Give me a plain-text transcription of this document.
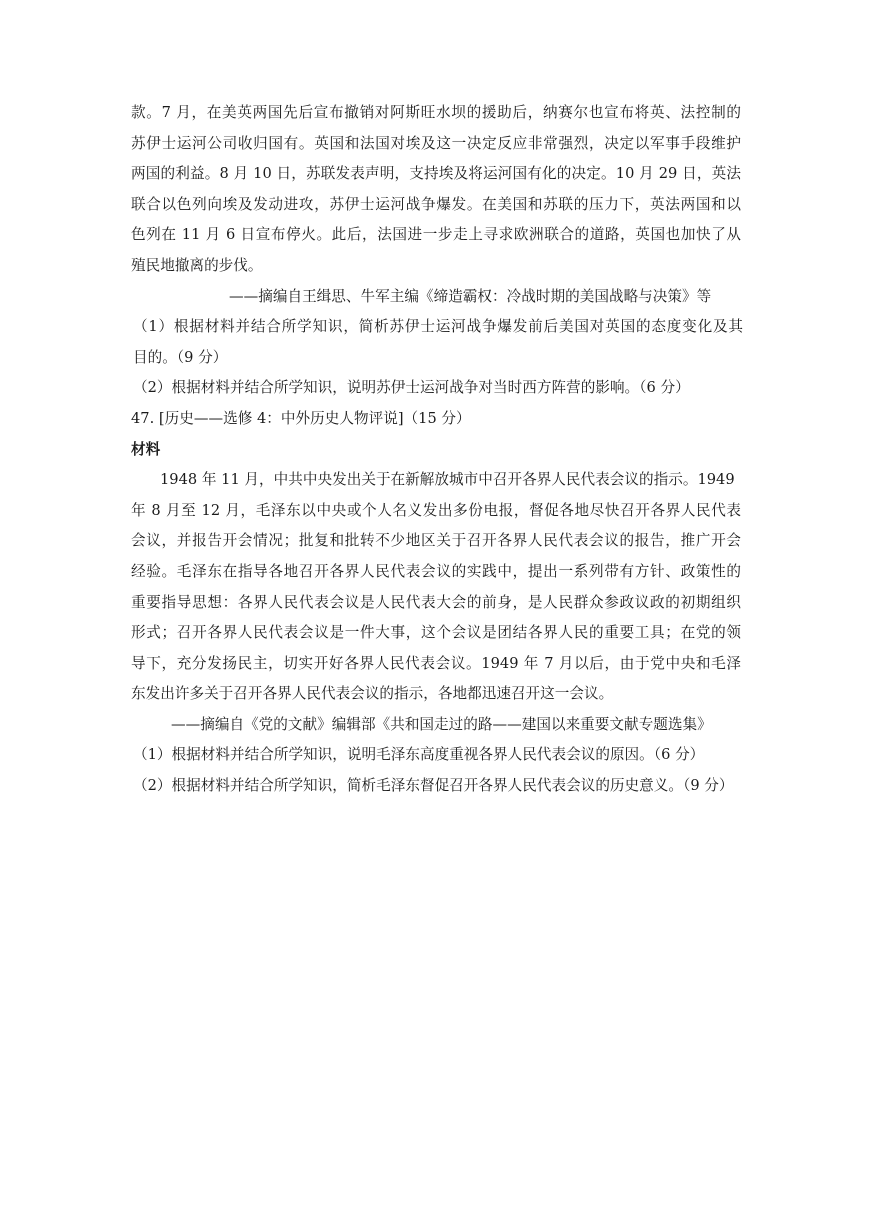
款。7 月，在美英两国先后宣布撤销对阿斯旺水坝的援助后，纳赛尔也宣布将英、法控制的
苏伊士运河公司收归国有。英国和法国对埃及这一决定反应非常强烈，决定以军事手段维护
两国的利益。8 月 10 日，苏联发表声明，支持埃及将运河国有化的决定。10 月 29 日，英法
联合以色列向埃及发动进攻，苏伊士运河战争爆发。在美国和苏联的压力下，英法两国和以
色列在 11 月 6 日宣布停火。此后，法国进一步走上寻求欧洲联合的道路，英国也加快了从
殖民地撤离的步伐。
——摘编自王缉思、牛军主编《缔造霸权：冷战时期的美国战略与决策》等
（1）根据材料并结合所学知识，简析苏伊士运河战争爆发前后美国对英国的态度变化及其
目的。（9 分）
（2）根据材料并结合所学知识，说明苏伊士运河战争对当时西方阵营的影响。（6 分）
47. [历史——选修 4：中外历史人物评说]（15 分）
材料
1948 年 11 月，中共中央发出关于在新解放城市中召开各界人民代表会议的指示。1949
年 8 月至 12 月，毛泽东以中央或个人名义发出多份电报，督促各地尽快召开各界人民代表
会议，并报告开会情况；批复和批转不少地区关于召开各界人民代表会议的报告，推广开会
经验。毛泽东在指导各地召开各界人民代表会议的实践中，提出一系列带有方针、政策性的
重要指导思想：各界人民代表会议是人民代表大会的前身，是人民群众参政议政的初期组织
形式；召开各界人民代表会议是一件大事，这个会议是团结各界人民的重要工具；在党的领
导下，充分发扬民主，切实开好各界人民代表会议。1949 年 7 月以后，由于党中央和毛泽
东发出许多关于召开各界人民代表会议的指示，各地都迅速召开这一会议。
——摘编自《党的文献》编辑部《共和国走过的路——建国以来重要文献专题选集》
（1）根据材料并结合所学知识，说明毛泽东高度重视各界人民代表会议的原因。（6 分）
（2）根据材料并结合所学知识，简析毛泽东督促召开各界人民代表会议的历史意义。（9 分）
